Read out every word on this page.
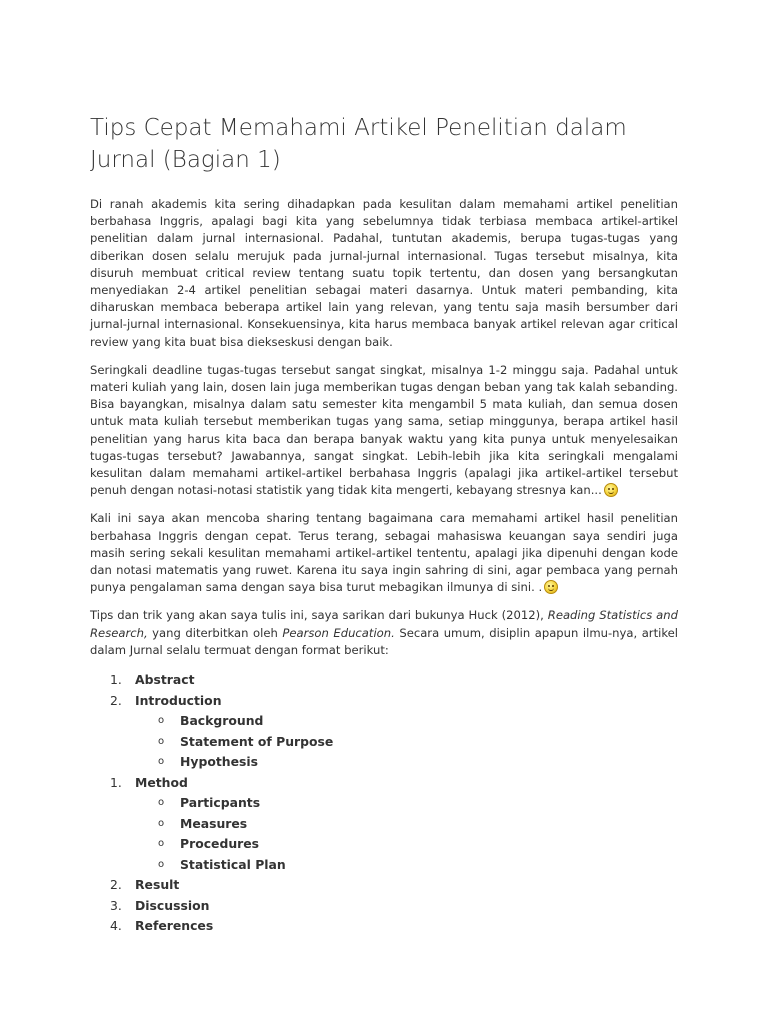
Tips Cepat Memahami Artikel Penelitian dalam Jurnal (Bagian 1)

Di ranah akademis kita sering dihadapkan pada kesulitan dalam memahami artikel penelitian berbahasa Inggris, apalagi bagi kita yang sebelumnya tidak terbiasa membaca artikel-artikel penelitian dalam jurnal internasional. Padahal, tuntutan akademis, berupa tugas-tugas yang diberikan dosen selalu merujuk pada jurnal-jurnal internasional. Tugas tersebut misalnya, kita disuruh membuat critical review tentang suatu topik tertentu, dan dosen yang bersangkutan menyediakan 2-4 artikel penelitian sebagai materi dasarnya. Untuk materi pembanding, kita diharuskan membaca beberapa artikel lain yang relevan, yang tentu saja masih bersumber dari jurnal-jurnal internasional. Konsekuensinya, kita harus membaca banyak artikel relevan agar critical review yang kita buat bisa diekseskusi dengan baik.

Seringkali deadline tugas-tugas tersebut sangat singkat, misalnya 1-2 minggu saja. Padahal untuk materi kuliah yang lain, dosen lain juga memberikan tugas dengan beban yang tak kalah sebanding. Bisa bayangkan, misalnya dalam satu semester kita mengambil 5 mata kuliah, dan semua dosen untuk mata kuliah tersebut memberikan tugas yang sama, setiap minggunya, berapa artikel hasil penelitian yang harus kita baca dan berapa banyak waktu yang kita punya untuk menyelesaikan tugas-tugas tersebut? Jawabannya, sangat singkat. Lebih-lebih jika kita seringkali mengalami kesulitan dalam memahami artikel-artikel berbahasa Inggris (apalagi jika artikel-artikel tersebut penuh dengan notasi-notasi statistik yang tidak kita mengerti, kebayang stresnya kan...

Kali ini saya akan mencoba sharing tentang bagaimana cara memahami artikel hasil penelitian berbahasa Inggris dengan cepat. Terus terang, sebagai mahasiswa keuangan saya sendiri juga masih sering sekali kesulitan memahami artikel-artikel tententu, apalagi jika dipenuhi dengan kode dan notasi matematis yang ruwet. Karena itu saya ingin sahring di sini, agar pembaca yang pernah punya pengalaman sama dengan saya bisa turut mebagikan ilmunya di sini. .

Tips dan trik yang akan saya tulis ini, saya sarikan dari bukunya Huck (2012), Reading Statistics and Research, yang diterbitkan oleh Pearson Education. Secara umum, disiplin apapun ilmu-nya, artikel dalam Jurnal selalu termuat dengan format berikut:

1. Abstract
2. Introduction
o Background
o Statement of Purpose
o Hypothesis
1. Method
o Particpants
o Measures
o Procedures
o Statistical Plan
2. Result
3. Discussion
4. References
